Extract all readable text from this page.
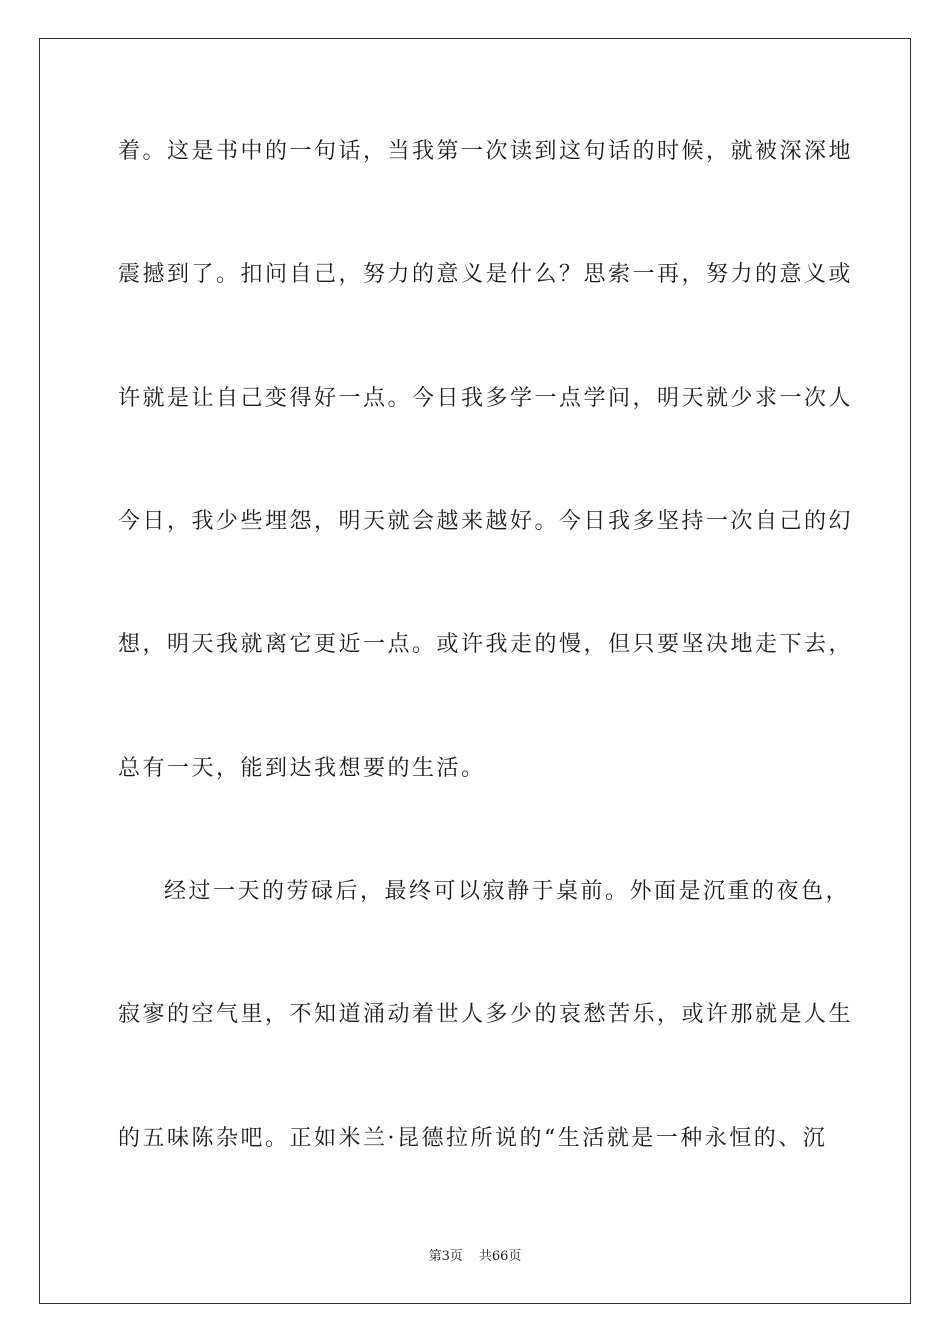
着。这是书中的一句话，当我第一次读到这句话的时候，就被深深地
震撼到了。扣问自己，努力的意义是什么？思索一再，努力的意义或
许就是让自己变得好一点。今日我多学一点学问，明天就少求一次人
今日，我少些埋怨，明天就会越来越好。今日我多坚持一次自己的幻
想，明天我就离它更近一点。或许我走的慢，但只要坚决地走下去，
总有一天，能到达我想要的生活。
经过一天的劳碌后，最终可以寂静于桌前。外面是沉重的夜色，
寂寥的空气里，不知道涌动着世人多少的哀愁苦乐，或许那就是人生
的五味陈杂吧。正如米兰·昆德拉所说的“生活就是一种永恒的、沉
第3页 共66页
